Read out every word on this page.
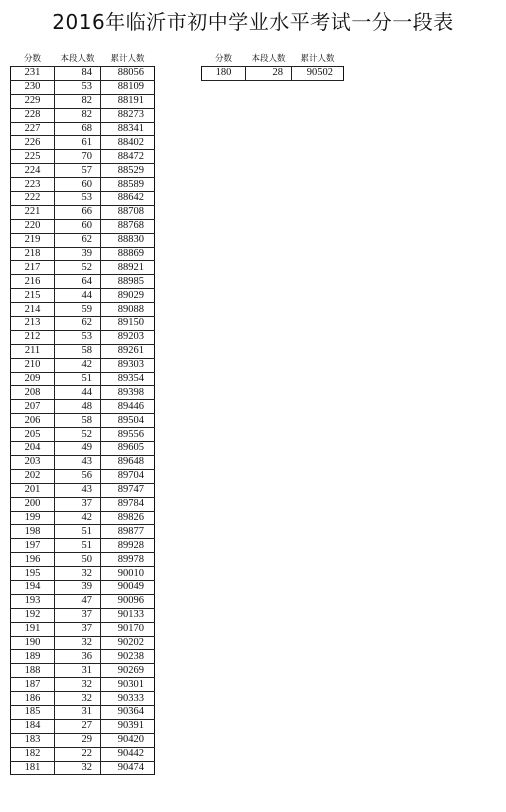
2016年临沂市初中学业水平考试一分一段表
分数	本段人数	累计人数
231	84	88056
230	53	88109
229	82	88191
228	82	88273
227	68	88341
226	61	88402
225	70	88472
224	57	88529
223	60	88589
222	53	88642
221	66	88708
220	60	88768
219	62	88830
218	39	88869
217	52	88921
216	64	88985
215	44	89029
214	59	89088
213	62	89150
212	53	89203
211	58	89261
210	42	89303
209	51	89354
208	44	89398
207	48	89446
206	58	89504
205	52	89556
204	49	89605
203	43	89648
202	56	89704
201	43	89747
200	37	89784
199	42	89826
198	51	89877
197	51	89928
196	50	89978
195	32	90010
194	39	90049
193	47	90096
192	37	90133
191	37	90170
190	32	90202
189	36	90238
188	31	90269
187	32	90301
186	32	90333
185	31	90364
184	27	90391
183	29	90420
182	22	90442
181	32	90474
分数	本段人数	累计人数
180	28	90502
